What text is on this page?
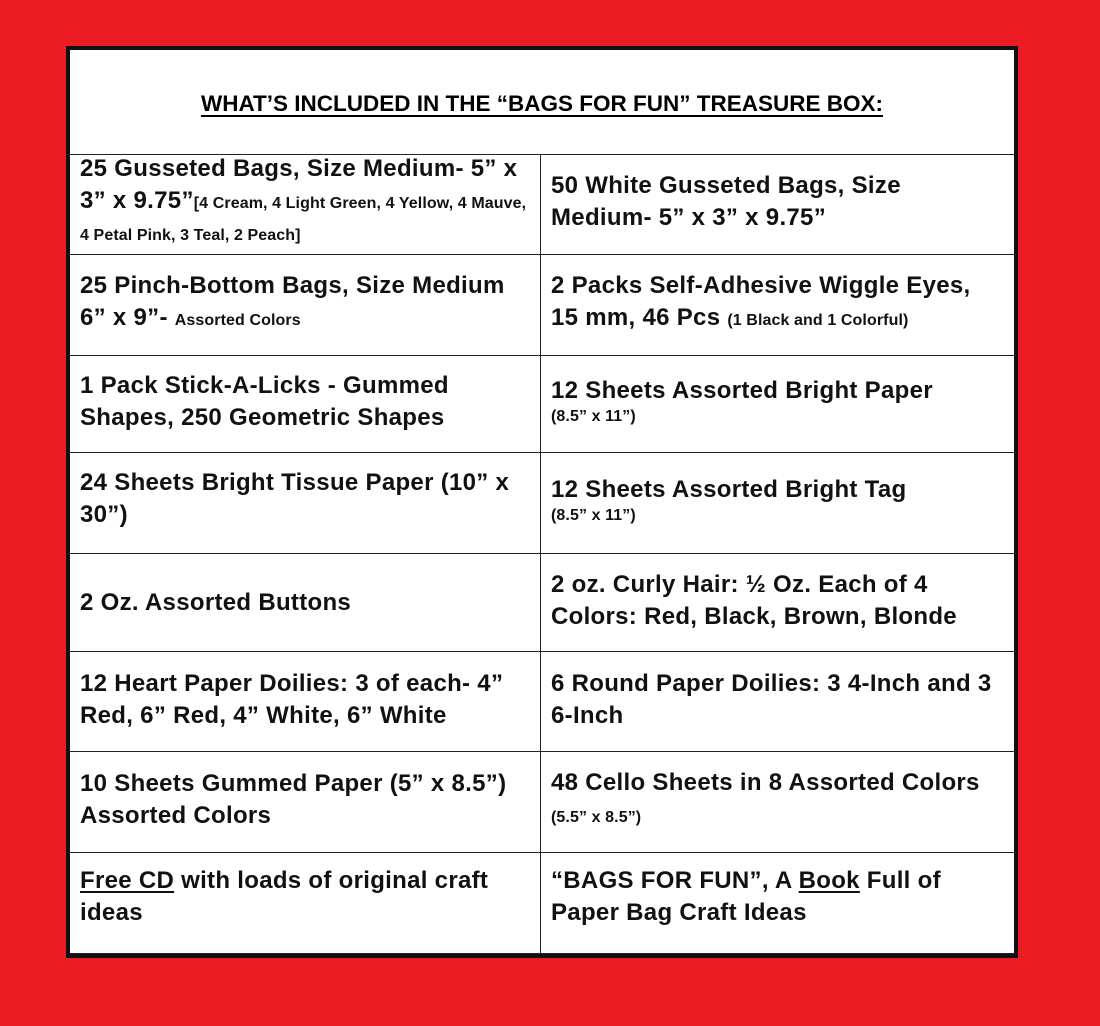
WHAT’S INCLUDED IN THE “BAGS FOR FUN” TREASURE BOX:
25 Gusseted Bags, Size Medium- 5” x 3” x 9.75”[4 Cream, 4 Light Green, 4 Yellow, 4 Mauve, 4 Petal Pink, 3 Teal, 2 Peach]
50 White Gusseted Bags, Size Medium- 5” x 3” x 9.75”
25 Pinch-Bottom Bags, Size Medium 6” x 9”- Assorted Colors
2 Packs Self-Adhesive Wiggle Eyes, 15 mm, 46 Pcs (1 Black and 1 Colorful)
1 Pack Stick-A-Licks - Gummed Shapes, 250 Geometric Shapes
12 Sheets Assorted Bright Paper
(8.5” x 11”)
24 Sheets Bright Tissue Paper (10” x 30”)
12 Sheets Assorted Bright Tag
(8.5” x 11”)
2 Oz. Assorted Buttons
2 oz. Curly Hair: ½ Oz. Each of 4 Colors: Red, Black, Brown, Blonde
12 Heart Paper Doilies: 3 of each- 4” Red, 6” Red, 4” White, 6” White
6 Round Paper Doilies: 3 4-Inch and 3 6-Inch
10 Sheets Gummed Paper (5” x 8.5”) Assorted Colors
48 Cello Sheets in 8 Assorted Colors (5.5” x 8.5”)
Free CD with loads of original craft ideas
“BAGS FOR FUN”, A Book Full of Paper Bag Craft Ideas
